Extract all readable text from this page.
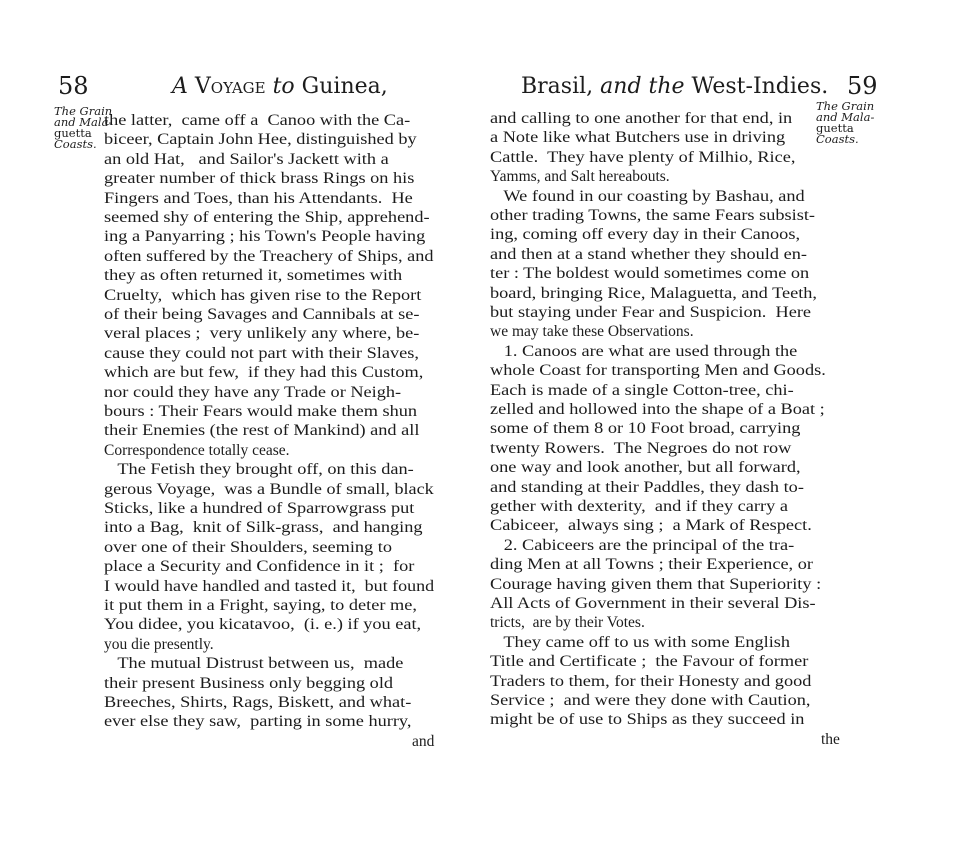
58	A Voyage to Guinea,
The Grain
and Mala-
guetta
Coasts.
the latter,  came off a  Canoo with the Ca-
biceer, Captain John Hee, distinguished by
an old Hat,   and Sailor's Jackett with a
greater number of thick brass Rings on his
Fingers and Toes, than his Attendants.  He
seemed shy of entering the Ship, apprehend-
ing a Panyarring ; his Town's People having
often suffered by the Treachery of Ships, and
they as often returned it, sometimes with
Cruelty,  which has given rise to the Report
of their being Savages and Cannibals at se-
veral places ;  very unlikely any where, be-
cause they could not part with their Slaves,
which are but few,  if they had this Custom,
nor could they have any Trade or Neigh-
bours : Their Fears would make them shun
their Enemies (the rest of Mankind) and all
Correspondence totally cease.
The Fetish they brought off, on this dan-
gerous Voyage,  was a Bundle of small, black
Sticks, like a hundred of Sparrowgrass put
into a Bag,  knit of Silk-grass,  and hanging
over one of their Shoulders, seeming to
place a Security and Confidence in it ;  for
I would have handled and tasted it,  but found
it put them in a Fright, saying, to deter me,
You didee, you kicatavoo,  (i. e.) if you eat,
you die presently.
The mutual Distrust between us,  made
their present Business only begging old
Breeches, Shirts, Rags, Biskett, and what-
ever else they saw,  parting in some hurry,
and
59
Brasil, and the West-Indies.
The Grain
and Mala-
guetta
Coasts.
and calling to one another for that end, in
a Note like what Butchers use in driving
Cattle.  They have plenty of Milhio, Rice,
Yamms, and Salt hereabouts.
We found in our coasting by Bashau, and
other trading Towns, the same Fears subsist-
ing, coming off every day in their Canoos,
and then at a stand whether they should en-
ter : The boldest would sometimes come on
board, bringing Rice, Malaguetta, and Teeth,
but staying under Fear and Suspicion.  Here
we may take these Observations.
1. Canoos are what are used through the
whole Coast for transporting Men and Goods.
Each is made of a single Cotton-tree, chi-
zelled and hollowed into the shape of a Boat ;
some of them 8 or 10 Foot broad, carrying
twenty Rowers.  The Negroes do not row
one way and look another, but all forward,
and standing at their Paddles, they dash to-
gether with dexterity,  and if they carry a
Cabiceer,  always sing ;  a Mark of Respect.
2. Cabiceers are the principal of the tra-
ding Men at all Towns ; their Experience, or
Courage having given them that Superiority :
All Acts of Government in their several Dis-
tricts,  are by their Votes.
They came off to us with some English
Title and Certificate ;  the Favour of former
Traders to them, for their Honesty and good
Service ;  and were they done with Caution,
might be of use to Ships as they succeed in
the
